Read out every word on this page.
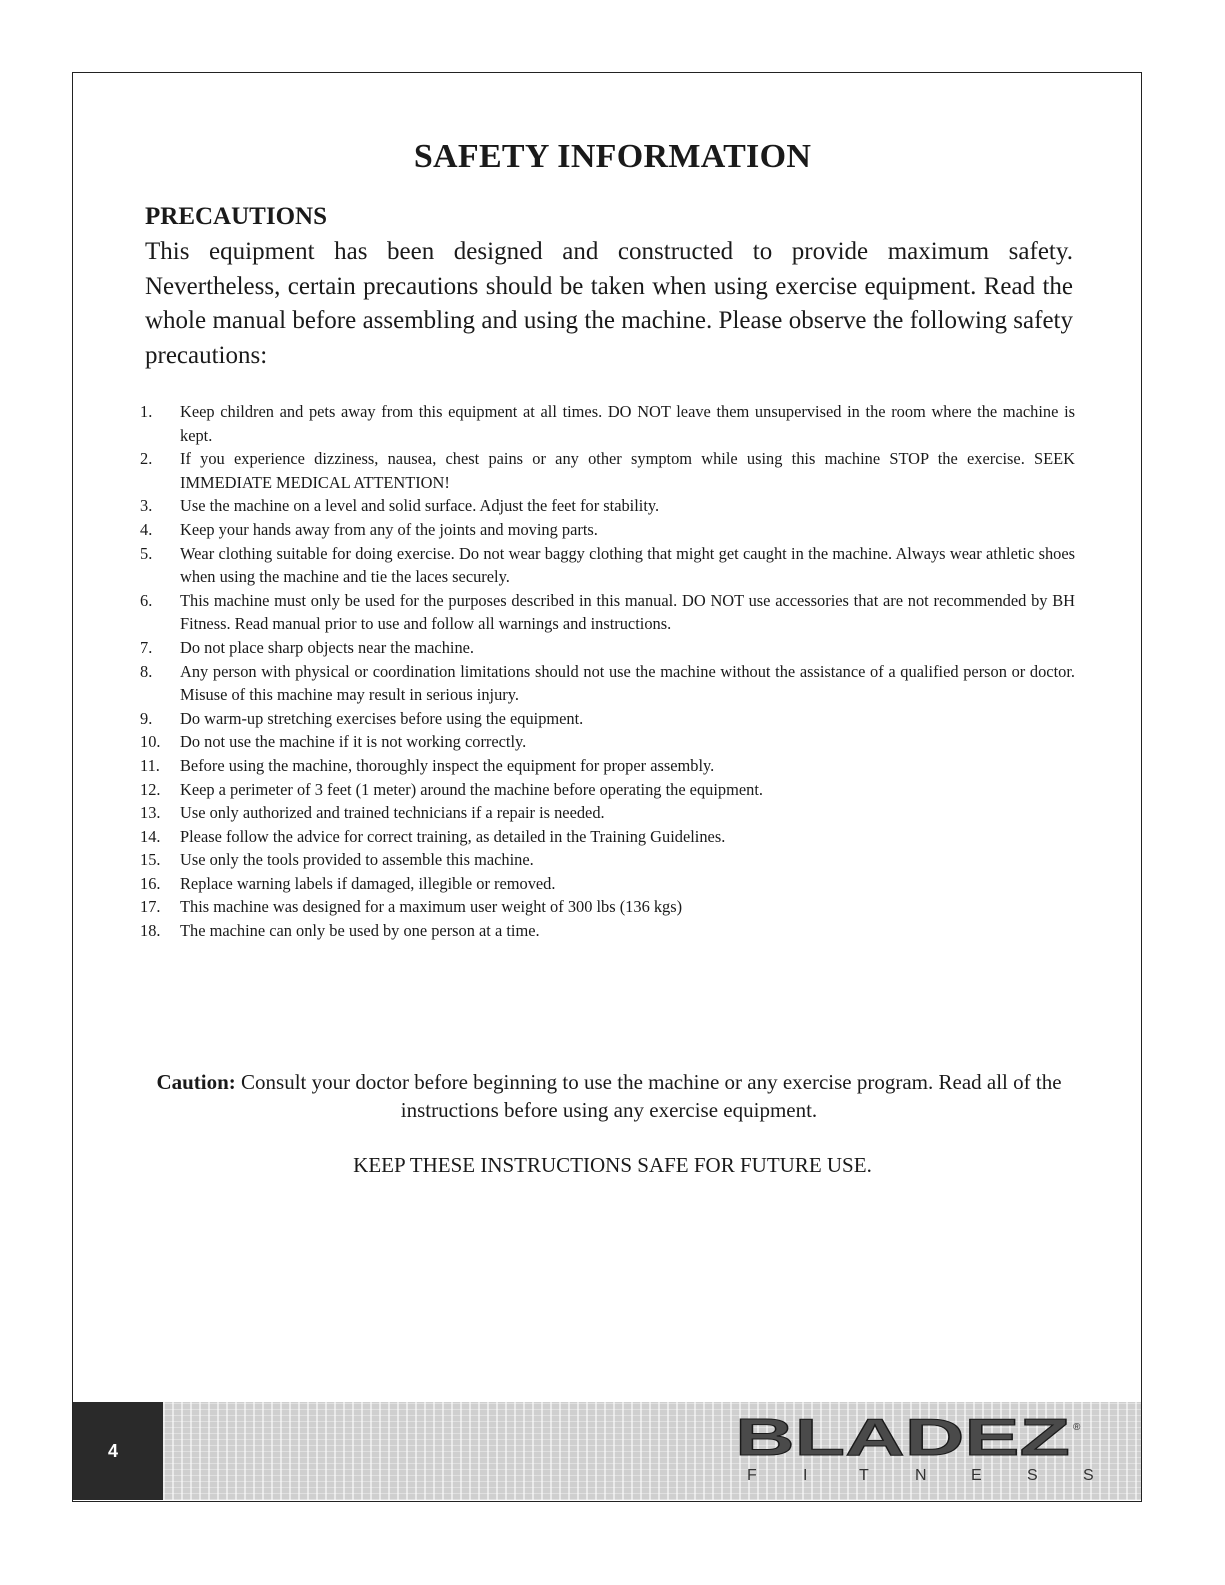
SAFETY INFORMATION
PRECAUTIONS
This equipment has been designed and constructed to provide maximum safety. Nevertheless, certain precautions should be taken when using exercise equipment. Read the whole manual before assembling and using the machine. Please observe the following safety precautions:
1. Keep children and pets away from this equipment at all times. DO NOT leave them unsupervised in the room where the machine is kept.
2. If you experience dizziness, nausea, chest pains or any other symptom while using this machine STOP the exercise. SEEK IMMEDIATE MEDICAL ATTENTION!
3. Use the machine on a level and solid surface. Adjust the feet for stability.
4. Keep your hands away from any of the joints and moving parts.
5. Wear clothing suitable for doing exercise. Do not wear baggy clothing that might get caught in the machine. Always wear athletic shoes when using the machine and tie the laces securely.
6. This machine must only be used for the purposes described in this manual. DO NOT use accessories that are not recommended by BH Fitness. Read manual prior to use and follow all warnings and instructions.
7. Do not place sharp objects near the machine.
8. Any person with physical or coordination limitations should not use the machine without the assistance of a qualified person or doctor. Misuse of this machine may result in serious injury.
9. Do warm-up stretching exercises before using the equipment.
10. Do not use the machine if it is not working correctly.
11. Before using the machine, thoroughly inspect the equipment for proper assembly.
12. Keep a perimeter of 3 feet (1 meter) around the machine before operating the equipment.
13. Use only authorized and trained technicians if a repair is needed.
14. Please follow the advice for correct training, as detailed in the Training Guidelines.
15. Use only the tools provided to assemble this machine.
16. Replace warning labels if damaged, illegible or removed.
17. This machine was designed for a maximum user weight of 300 lbs (136 kgs)
18. The machine can only be used by one person at a time.
Caution: Consult your doctor before beginning to use the machine or any exercise program. Read all of the instructions before using any exercise equipment.
KEEP THESE INSTRUCTIONS SAFE FOR FUTURE USE.
4	BLADEZ ®
F	I	T	N	E	S	S
